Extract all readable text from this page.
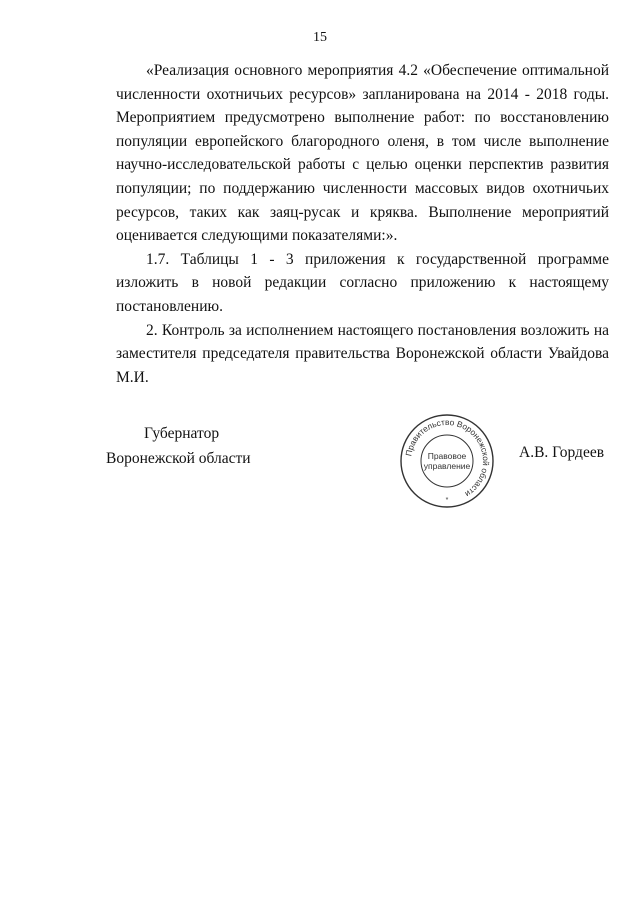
15

«Реализация основного мероприятия 4.2 «Обеспечение оптимальной численности охотничьих ресурсов» запланирована на 2014 - 2018 годы. Мероприятием предусмотрено выполнение работ: по восстановлению популяции европейского благородного оленя, в том числе выполнение научно-исследовательской работы с целью оценки перспектив развития популяции; по поддержанию численности массовых видов охотничьих ресурсов, таких как заяц-русак и кряква. Выполнение мероприятий оценивается следующими показателями:».

1.7. Таблицы 1 - 3 приложения к государственной программе изложить в новой редакции согласно приложению к настоящему постановлению.

2. Контроль за исполнением настоящего постановления возложить на заместителя председателя правительства Воронежской области Увайдова М.И.

Губернатор
Воронежской области	Правительство Воронежской области
Правовое
управление
*
А.В. Гордеев
